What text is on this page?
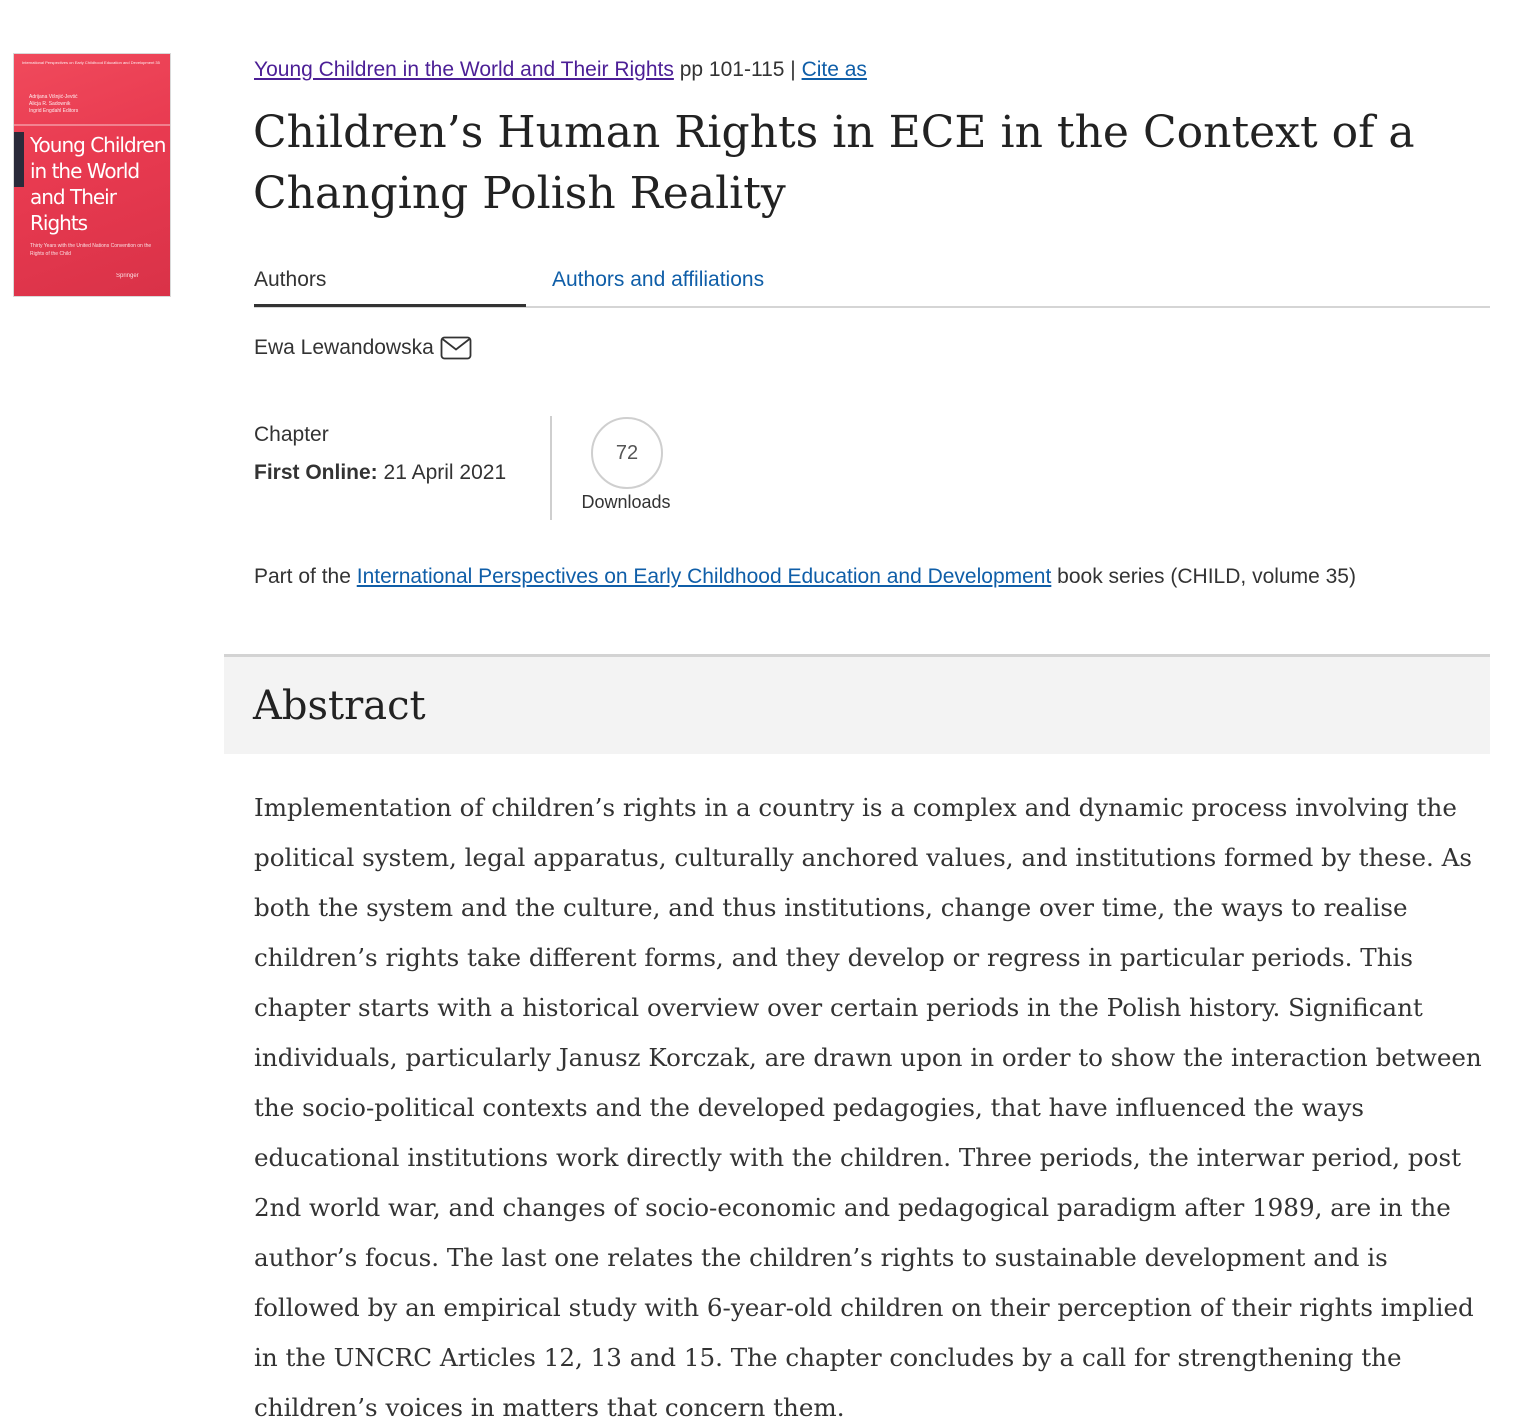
International Perspectives on Early Childhood Education and Development 35
Adrijana Višnjić-Jevtić
Alicja R. Sadownik
Ingrid Engdahl Editors
Young Children in the World and Their Rights
Thirty Years with the United Nations Convention on the Rights of the Child
Springer
Young Children in the World and Their Rights pp 101-115 | Cite as
Children’s Human Rights in ECE in the Context of a Changing Polish Reality
Authors	Authors and affiliations
Ewa Lewandowska
Chapter
First Online: 21 April 2021
72
Downloads
Part of the International Perspectives on Early Childhood Education and Development book series (CHILD, volume 35)
Abstract

Implementation of children’s rights in a country is a complex and dynamic process involving the political system, legal apparatus, culturally anchored values, and institutions formed by these. As both the system and the culture, and thus institutions, change over time, the ways to realise children’s rights take different forms, and they develop or regress in particular periods. This chapter starts with a historical overview over certain periods in the Polish history. Significant individuals, particularly Janusz Korczak, are drawn upon in order to show the interaction between the socio-political contexts and the developed pedagogies, that have influenced the ways educational institutions work directly with the children. Three periods, the interwar period, post 2nd world war, and changes of socio-economic and pedagogical paradigm after 1989, are in the author’s focus. The last one relates the children’s rights to sustainable development and is followed by an empirical study with 6-year-old children on their perception of their rights implied in the UNCRC Articles 12, 13 and 15. The chapter concludes by a call for strengthening the children’s voices in matters that concern them.
